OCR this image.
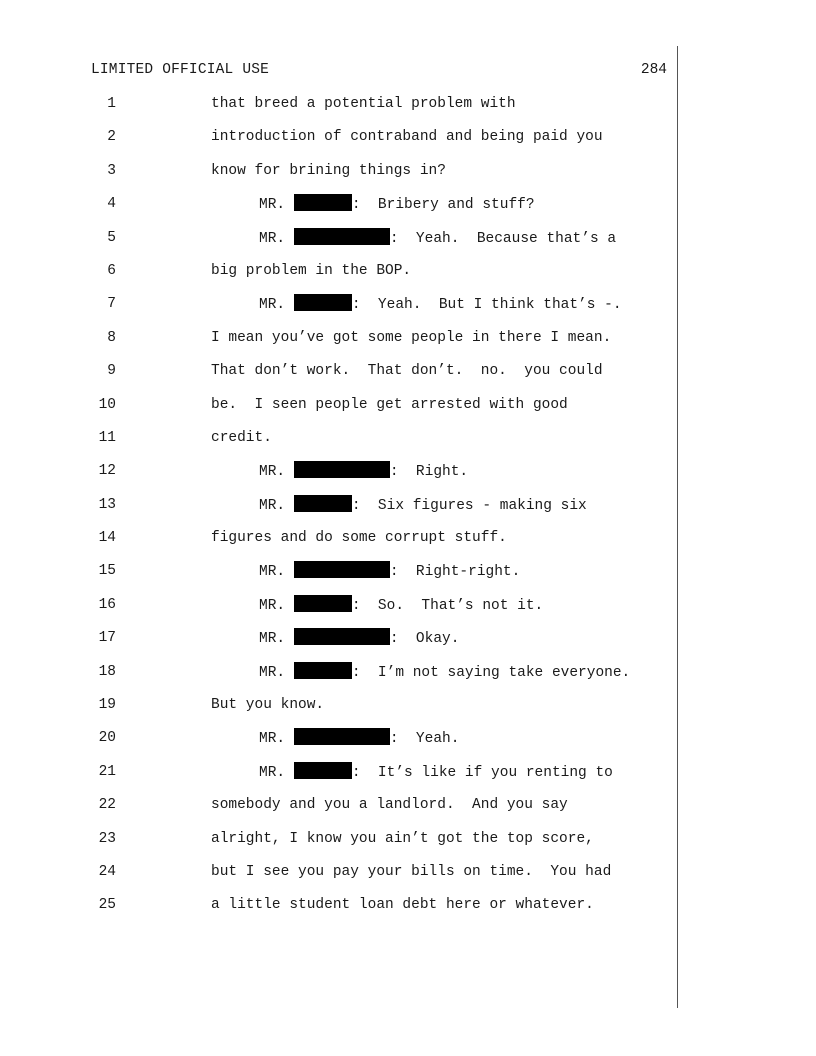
LIMITED OFFICIAL USE	284
1	that breed a potential problem with
2	introduction of contraband and being paid you
3	know for brining things in?
4	MR.	:  Bribery and stuff?
5	MR.	:  Yeah.  Because that’s a
6	big problem in the BOP.
7	MR.	:  Yeah.  But I think that’s -.
8	I mean you’ve got some people in there I mean.
9	That don’t work.  That don’t.  no.  you could
10	be.  I seen people get arrested with good
11	credit.
12	MR.	:  Right.
13	MR.	:  Six figures - making six
14	figures and do some corrupt stuff.
15	MR.	:  Right-right.
16	MR.	:  So.  That’s not it.
17	MR.	:  Okay.
18	MR.	:  I’m not saying take everyone.
19	But you know.
20	MR.	:  Yeah.
21	MR.	:  It’s like if you renting to
22	somebody and you a landlord.  And you say
23	alright, I know you ain’t got the top score,
24	but I see you pay your bills on time.  You had
25	a little student loan debt here or whatever.
